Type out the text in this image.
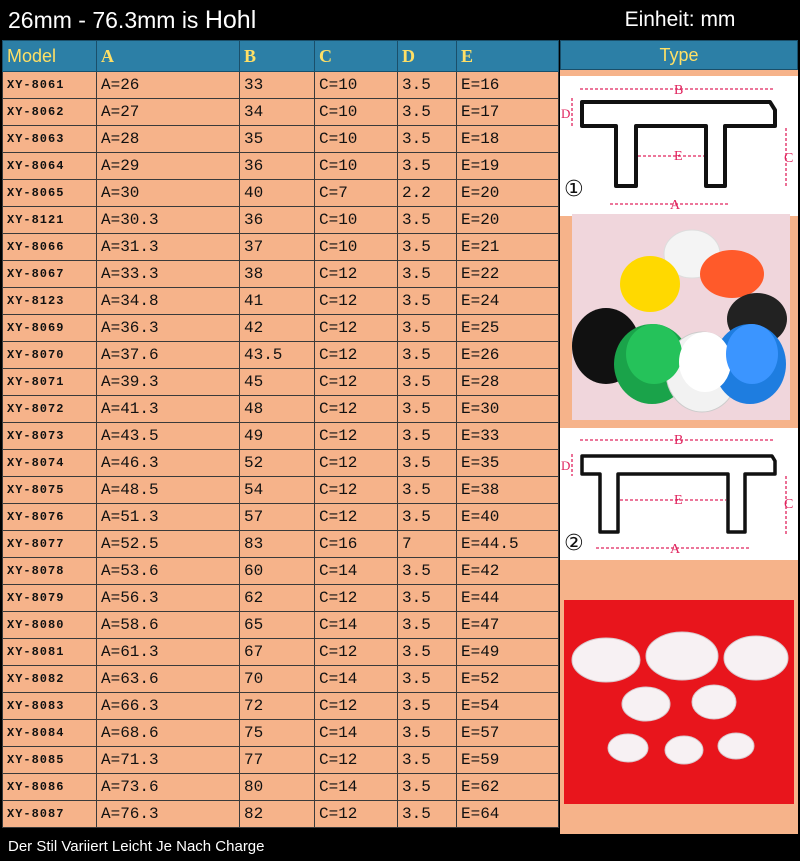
26mm - 76.3mm is Hohl	Einheit: mm
Model	A	B	C	D	E
XY-8061	A=26	33	C=10	3.5	E=16
XY-8062	A=27	34	C=10	3.5	E=17
XY-8063	A=28	35	C=10	3.5	E=18
XY-8064	A=29	36	C=10	3.5	E=19
XY-8065	A=30	40	C=7	2.2	E=20
XY-8121	A=30.3	36	C=10	3.5	E=20
XY-8066	A=31.3	37	C=10	3.5	E=21
XY-8067	A=33.3	38	C=12	3.5	E=22
XY-8123	A=34.8	41	C=12	3.5	E=24
XY-8069	A=36.3	42	C=12	3.5	E=25
XY-8070	A=37.6	43.5	C=12	3.5	E=26
XY-8071	A=39.3	45	C=12	3.5	E=28
XY-8072	A=41.3	48	C=12	3.5	E=30
XY-8073	A=43.5	49	C=12	3.5	E=33
XY-8074	A=46.3	52	C=12	3.5	E=35
XY-8075	A=48.5	54	C=12	3.5	E=38
XY-8076	A=51.3	57	C=12	3.5	E=40
XY-8077	A=52.5	83	C=16	7	E=44.5
XY-8078	A=53.6	60	C=14	3.5	E=42
XY-8079	A=56.3	62	C=12	3.5	E=44
XY-8080	A=58.6	65	C=14	3.5	E=47
XY-8081	A=61.3	67	C=12	3.5	E=49
XY-8082	A=63.6	70	C=14	3.5	E=52
XY-8083	A=66.3	72	C=12	3.5	E=54
XY-8084	A=68.6	75	C=14	3.5	E=57
XY-8085	A=71.3	77	C=12	3.5	E=59
XY-8086	A=73.6	80	C=14	3.5	E=62
XY-8087	A=76.3	82	C=12	3.5	E=64
Type
B
E
A
D
C
①
B
E
A
D
C
②
Der Stil Variiert Leicht Je Nach Charge
